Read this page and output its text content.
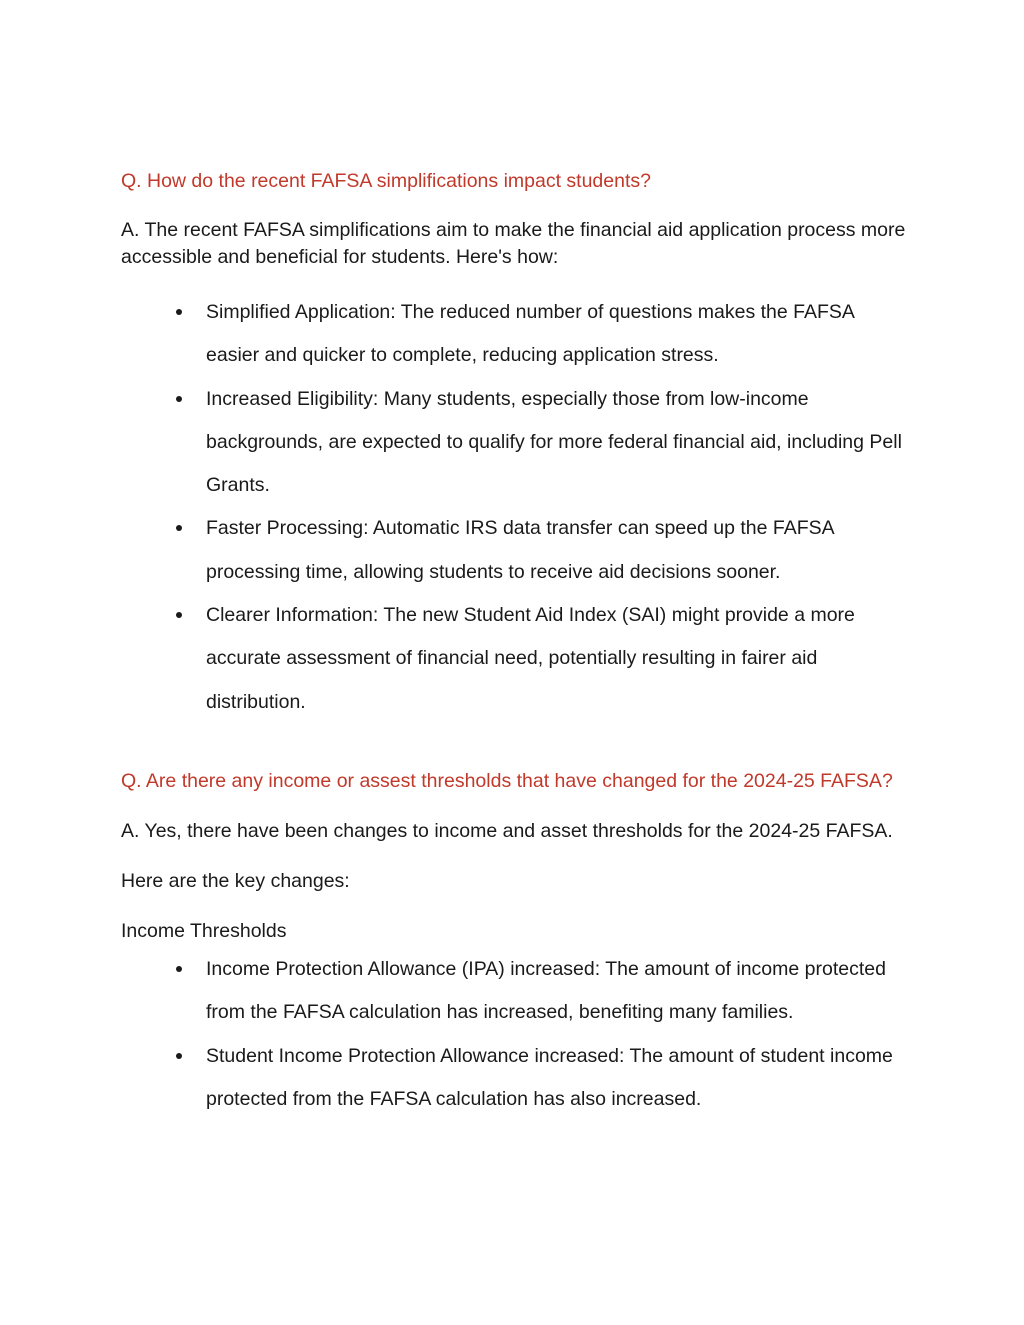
Q. How do the recent FAFSA simplifications impact students?

A. The recent FAFSA simplifications aim to make the financial aid application process more accessible and beneficial for students. Here's how:

Simplified Application: The reduced number of questions makes the FAFSA easier and quicker to complete, reducing application stress.
Increased Eligibility: Many students, especially those from low-income backgrounds, are expected to qualify for more federal financial aid, including Pell Grants.
Faster Processing: Automatic IRS data transfer can speed up the FAFSA processing time, allowing students to receive aid decisions sooner.
Clearer Information: The new Student Aid Index (SAI) might provide a more accurate assessment of financial need, potentially resulting in fairer aid distribution.

Q. Are there any income or assest thresholds that have changed for the 2024-25 FAFSA?

A. Yes, there have been changes to income and asset thresholds for the 2024-25 FAFSA.

Here are the key changes:

Income Thresholds

Income Protection Allowance (IPA) increased: The amount of income protected from the FAFSA calculation has increased, benefiting many families.
Student Income Protection Allowance increased: The amount of student income protected from the FAFSA calculation has also increased.
